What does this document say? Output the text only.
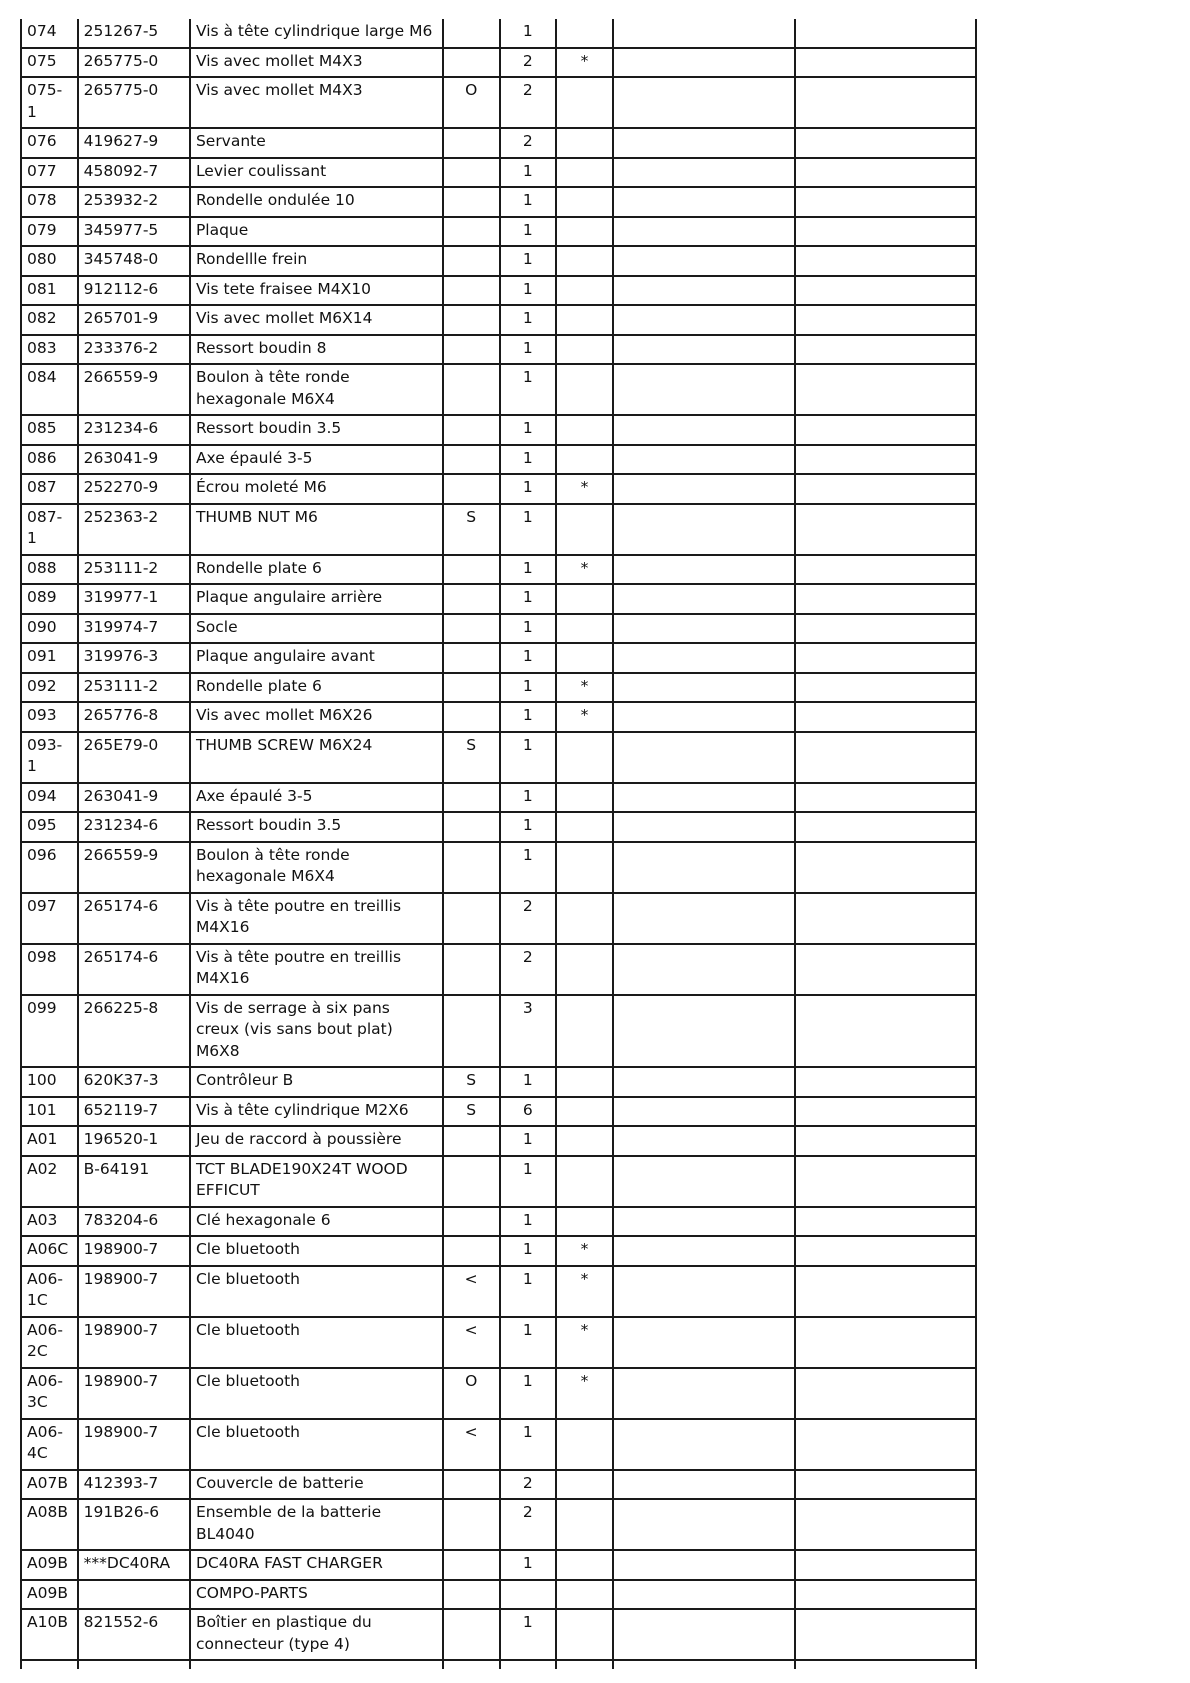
074	251267-5	Vis à tête cylindrique large M6		1			
075	265775-0	Vis avec mollet M4X3		2	*		
075-1	265775-0	Vis avec mollet M4X3	O	2			
076	419627-9	Servante		2			
077	458092-7	Levier coulissant		1			
078	253932-2	Rondelle ondulée 10		1			
079	345977-5	Plaque		1			
080	345748-0	Rondellle frein		1			
081	912112-6	Vis tete fraisee M4X10		1			
082	265701-9	Vis avec mollet M6X14		1			
083	233376-2	Ressort boudin 8		1			
084	266559-9	Boulon à tête ronde hexagonale M6X4		1			
085	231234-6	Ressort boudin 3.5		1			
086	263041-9	Axe épaulé 3-5		1			
087	252270-9	Écrou moleté M6		1	*		
087-1	252363-2	THUMB NUT M6	S	1			
088	253111-2	Rondelle plate 6		1	*		
089	319977-1	Plaque angulaire arrière		1			
090	319974-7	Socle		1			
091	319976-3	Plaque angulaire avant		1			
092	253111-2	Rondelle plate 6		1	*		
093	265776-8	Vis avec mollet M6X26		1	*		
093-1	265E79-0	THUMB SCREW M6X24	S	1			
094	263041-9	Axe épaulé 3-5		1			
095	231234-6	Ressort boudin 3.5		1			
096	266559-9	Boulon à tête ronde hexagonale M6X4		1			
097	265174-6	Vis à tête poutre en treillis M4X16		2			
098	265174-6	Vis à tête poutre en treillis M4X16		2			
099	266225-8	Vis de serrage à six pans creux (vis sans bout plat) M6X8		3			
100	620K37-3	Contrôleur B	S	1			
101	652119-7	Vis à tête cylindrique M2X6	S	6			
A01	196520-1	Jeu de raccord à poussière		1			
A02	B-64191	TCT BLADE190X24T WOOD EFFICUT		1			
A03	783204-6	Clé hexagonale 6		1			
A06C	198900-7	Cle bluetooth		1	*		
A06-1C	198900-7	Cle bluetooth	<	1	*		
A06-2C	198900-7	Cle bluetooth	<	1	*		
A06-3C	198900-7	Cle bluetooth	O	1	*		
A06-4C	198900-7	Cle bluetooth	<	1			
A07B	412393-7	Couvercle de batterie		2			
A08B	191B26-6	Ensemble de la batterie BL4040		2			
A09B	***DC40RA	DC40RA FAST CHARGER		1			
A09B		COMPO-PARTS					
A10B	821552-6	Boîtier en plastique du connecteur (type 4)		1			
